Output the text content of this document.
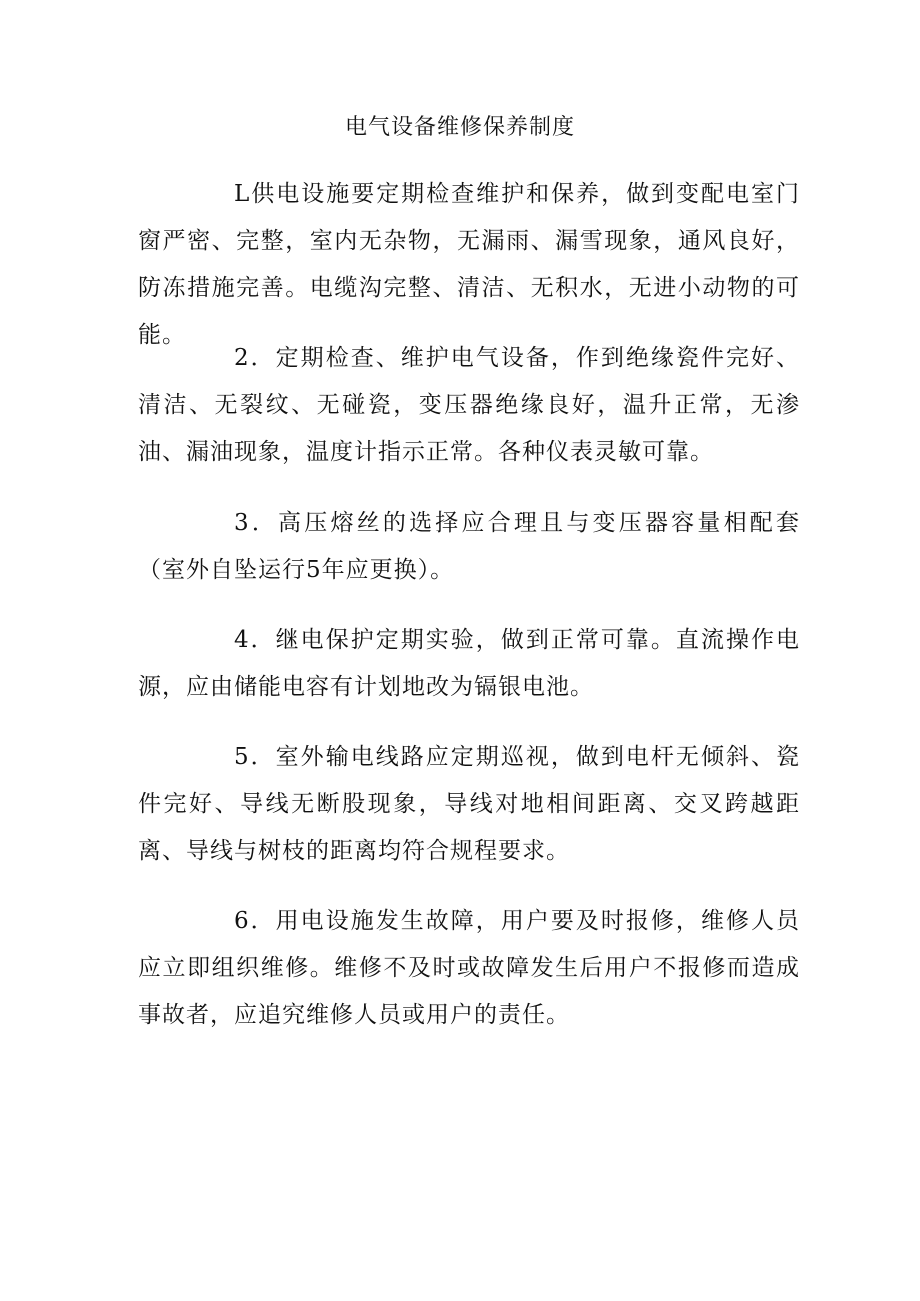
电气设备维修保养制度
L供电设施要定期检查维护和保养，做到变配电室门窗严密、完整，室内无杂物，无漏雨、漏雪现象，通风良好，防冻措施完善。电缆沟完整、清洁、无积水，无进小动物的可能。
2．定期检查、维护电气设备，作到绝缘瓷件完好、清洁、无裂纹、无碰瓷，变压器绝缘良好，温升正常，无渗油、漏油现象，温度计指示正常。各种仪表灵敏可靠。
3．高压熔丝的选择应合理且与变压器容量相配套（室外自坠运行5年应更换）。
4．继电保护定期实验，做到正常可靠。直流操作电源，应由储能电容有计划地改为镉银电池。
5．室外输电线路应定期巡视，做到电杆无倾斜、瓷件完好、导线无断股现象，导线对地相间距离、交叉跨越距离、导线与树枝的距离均符合规程要求。
6．用电设施发生故障，用户要及时报修，维修人员应立即组织维修。维修不及时或故障发生后用户不报修而造成事故者，应追究维修人员或用户的责任。
